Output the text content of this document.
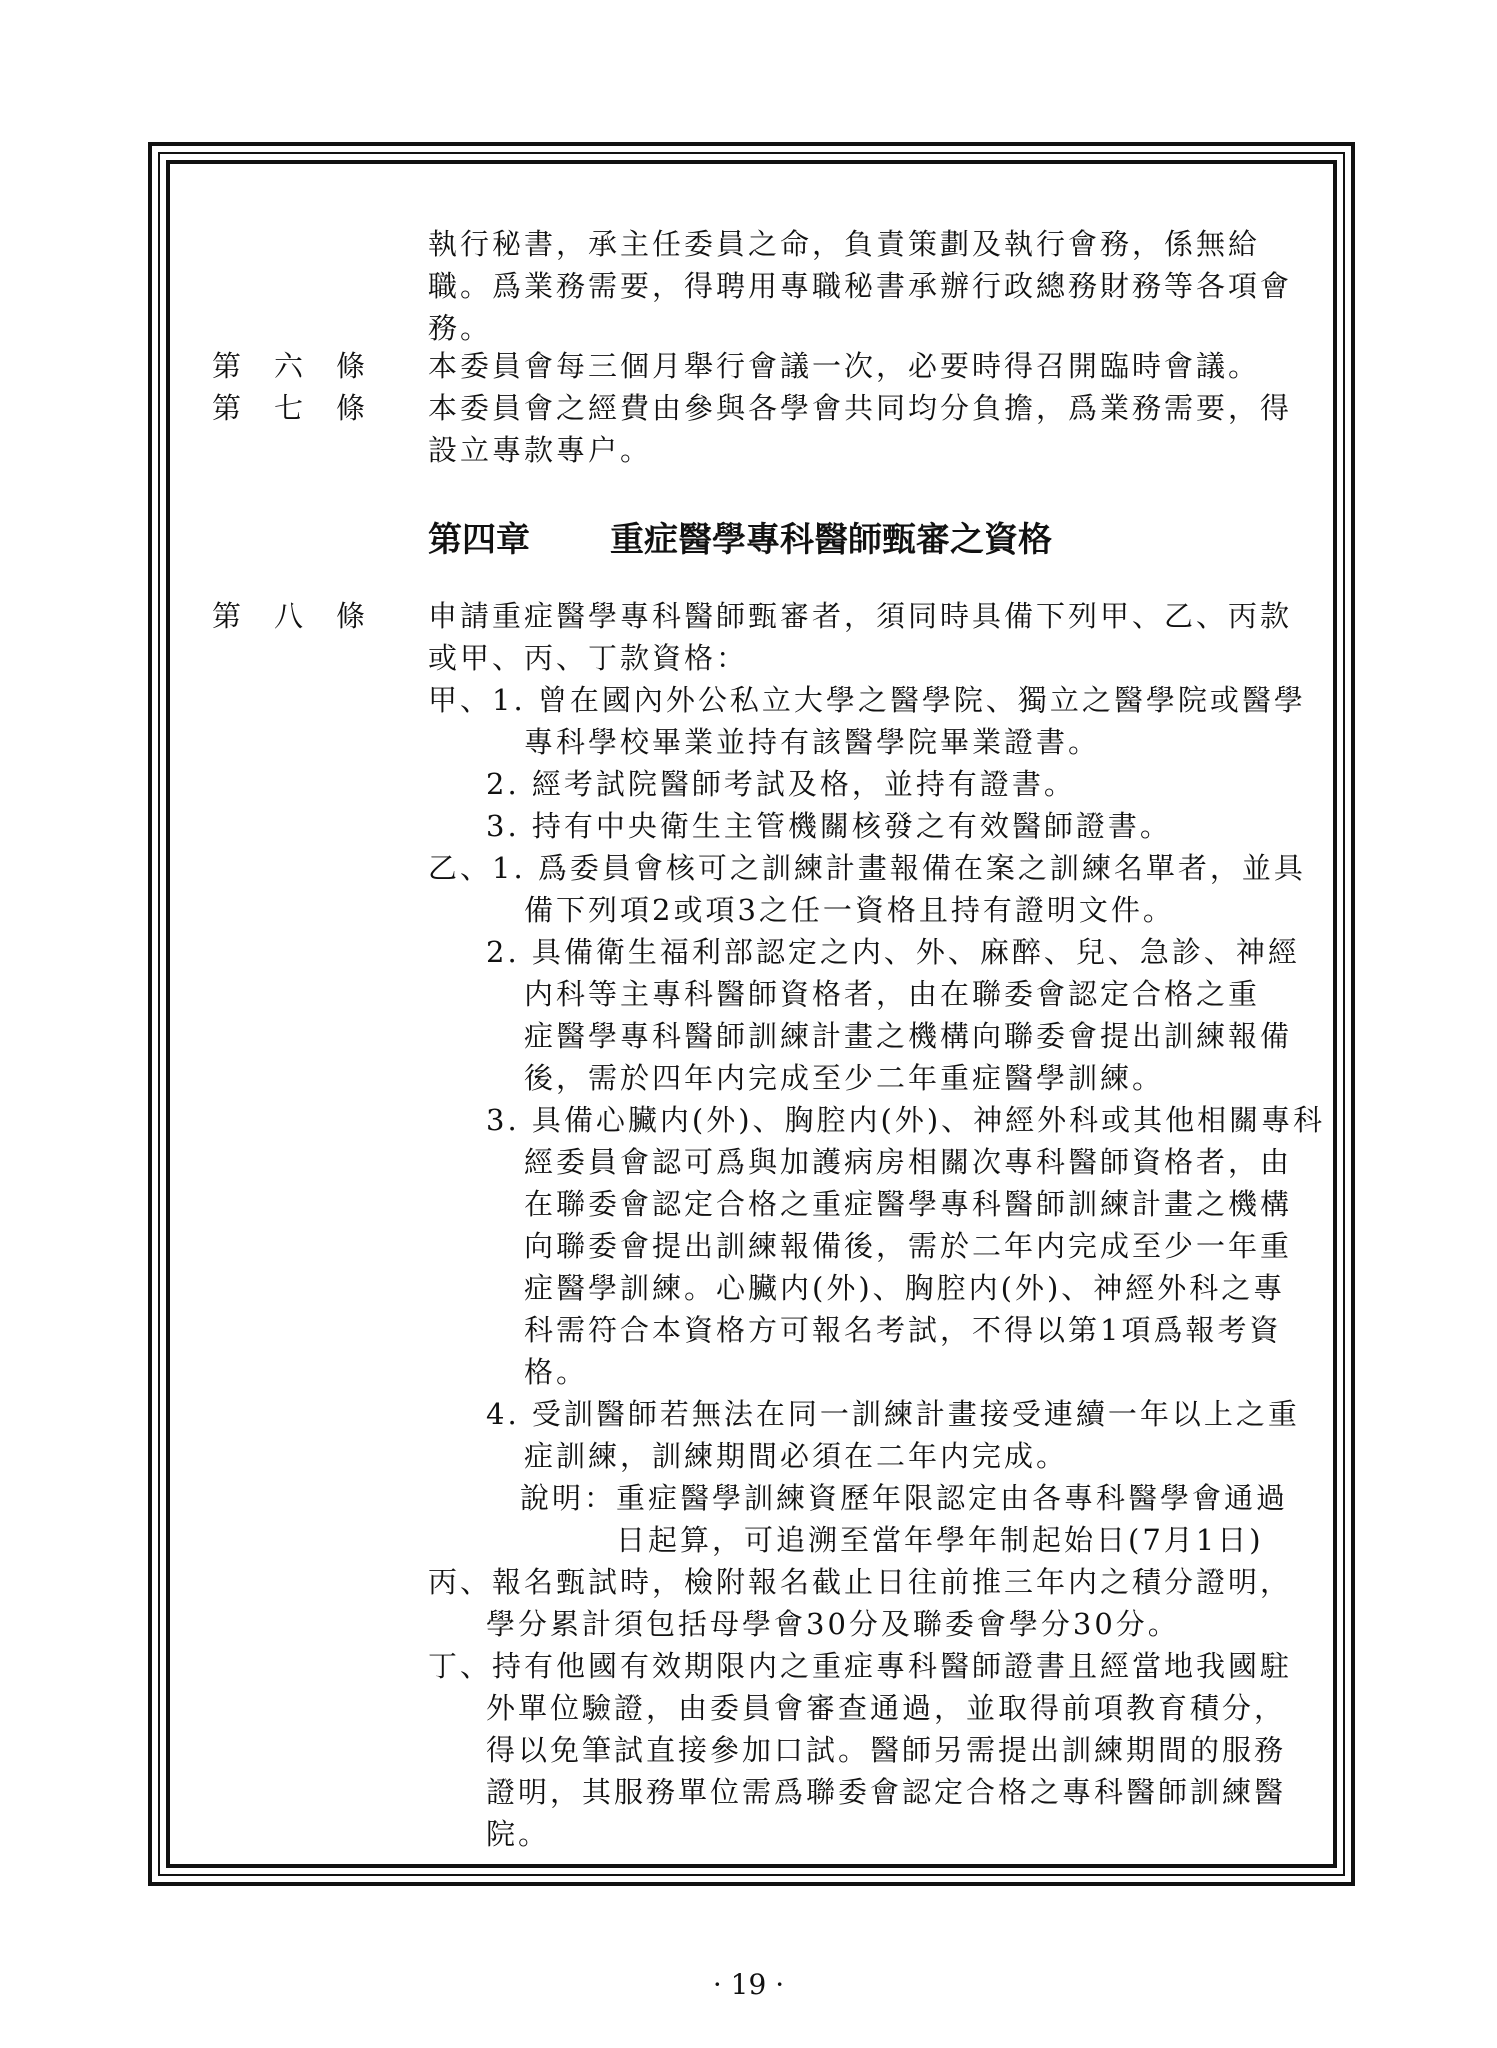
執行秘書，承主任委員之命，負責策劃及執行會務，係無給
職。爲業務需要，得聘用專職秘書承辦行政總務財務等各項會
務。
第 六 條	本委員會每三個月舉行會議一次，必要時得召開臨時會議。
第 七 條	本委員會之經費由參與各學會共同均分負擔，爲業務需要，得
設立專款專户。
第四章 重症醫學專科醫師甄審之資格
第 八 條	申請重症醫學專科醫師甄審者，須同時具備下列甲、乙、丙款
或甲、丙、丁款資格：
甲、1. 曾在國內外公私立大學之醫學院、獨立之醫學院或醫學
專科學校畢業並持有該醫學院畢業證書。
2. 經考試院醫師考試及格，並持有證書。
3. 持有中央衛生主管機關核發之有效醫師證書。
乙、1. 爲委員會核可之訓練計畫報備在案之訓練名單者，並具
備下列項2或項3之任一資格且持有證明文件。
2. 具備衛生福利部認定之内、外、麻醉、兒、急診、神經
内科等主專科醫師資格者，由在聯委會認定合格之重
症醫學專科醫師訓練計畫之機構向聯委會提出訓練報備
後，需於四年内完成至少二年重症醫學訓練。
3. 具備心臟内(外)、胸腔内(外)、神經外科或其他相關專科
經委員會認可爲與加護病房相關次專科醫師資格者，由
在聯委會認定合格之重症醫學專科醫師訓練計畫之機構
向聯委會提出訓練報備後，需於二年内完成至少一年重
症醫學訓練。心臟内(外)、胸腔内(外)、神經外科之專
科需符合本資格方可報名考試，不得以第1項爲報考資
格。
4. 受訓醫師若無法在同一訓練計畫接受連續一年以上之重
症訓練，訓練期間必須在二年内完成。
說明：重症醫學訓練資歷年限認定由各專科醫學會通過
日起算，可追溯至當年學年制起始日(7月1日)
丙、報名甄試時，檢附報名截止日往前推三年内之積分證明，
學分累計須包括母學會30分及聯委會學分30分。
丁、持有他國有效期限内之重症專科醫師證書且經當地我國駐
外單位驗證，由委員會審查通過，並取得前項教育積分，
得以免筆試直接參加口試。醫師另需提出訓練期間的服務
證明，其服務單位需爲聯委會認定合格之專科醫師訓練醫
院。
· 19 ·
